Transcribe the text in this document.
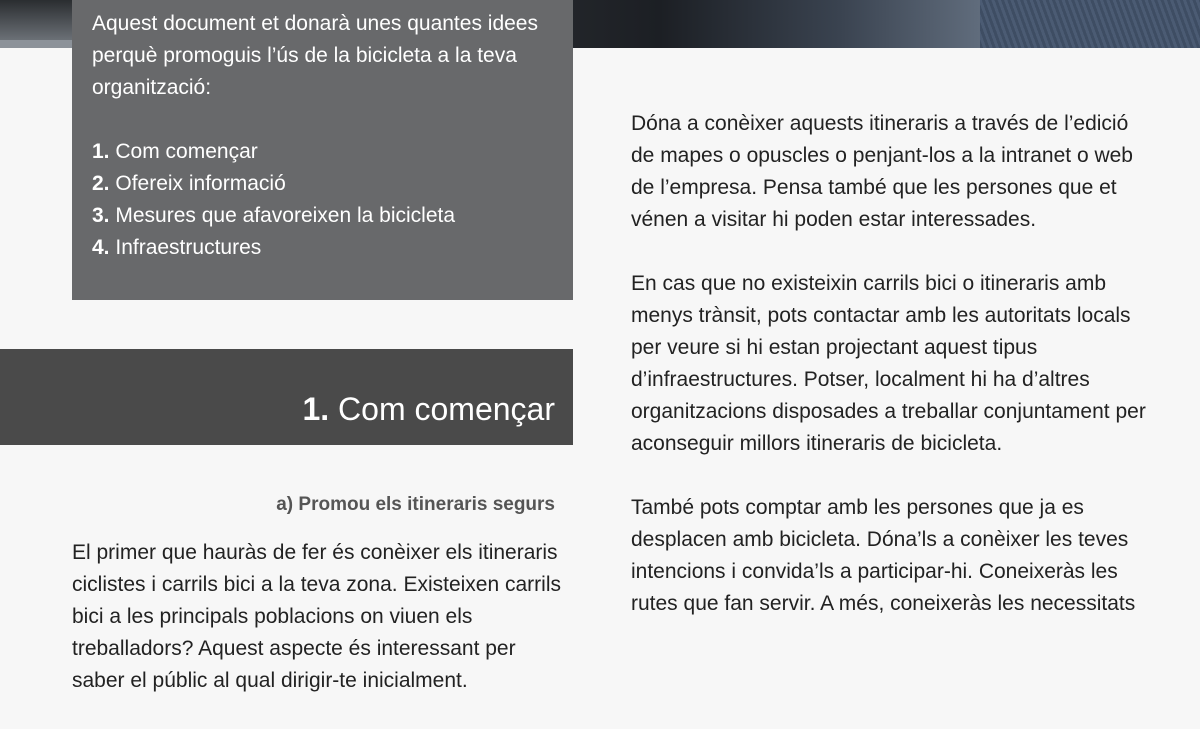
Aquest document et donarà unes quantes idees perquè promoguis l’ús de la bicicleta a la teva organització:

1. Com començar
2. Ofereix informació
3. Mesures que afavoreixen la bicicleta
4. Infraestructures
1. Com començar
a) Promou els itineraris segurs

El primer que hauràs de fer és conèixer els itineraris ciclistes i carrils bici a la teva zona. Existeixen carrils bici a les principals poblacions on viuen els treballadors? Aquest aspecte és interessant per saber el públic al qual dirigir-te inicialment.

Dóna a conèixer aquests itineraris a través de l’edició de mapes o opuscles o penjant-los a la intranet o web de l’empresa. Pensa també que les persones que et vénen a visitar hi poden estar interessades.

En cas que no existeixin carrils bici o itineraris amb menys trànsit, pots contactar amb les autoritats locals per veure si hi estan projectant aquest tipus d’infraestructures. Potser, localment hi ha d’altres organitzacions disposades a treballar conjuntament per aconseguir millors itineraris de bicicleta.

També pots comptar amb les persones que ja es desplacen amb bicicleta. Dóna’ls a conèixer les teves intencions i convida’ls a participar-hi. Coneixeràs les rutes que fan servir. A més, coneixeràs les necessitats
